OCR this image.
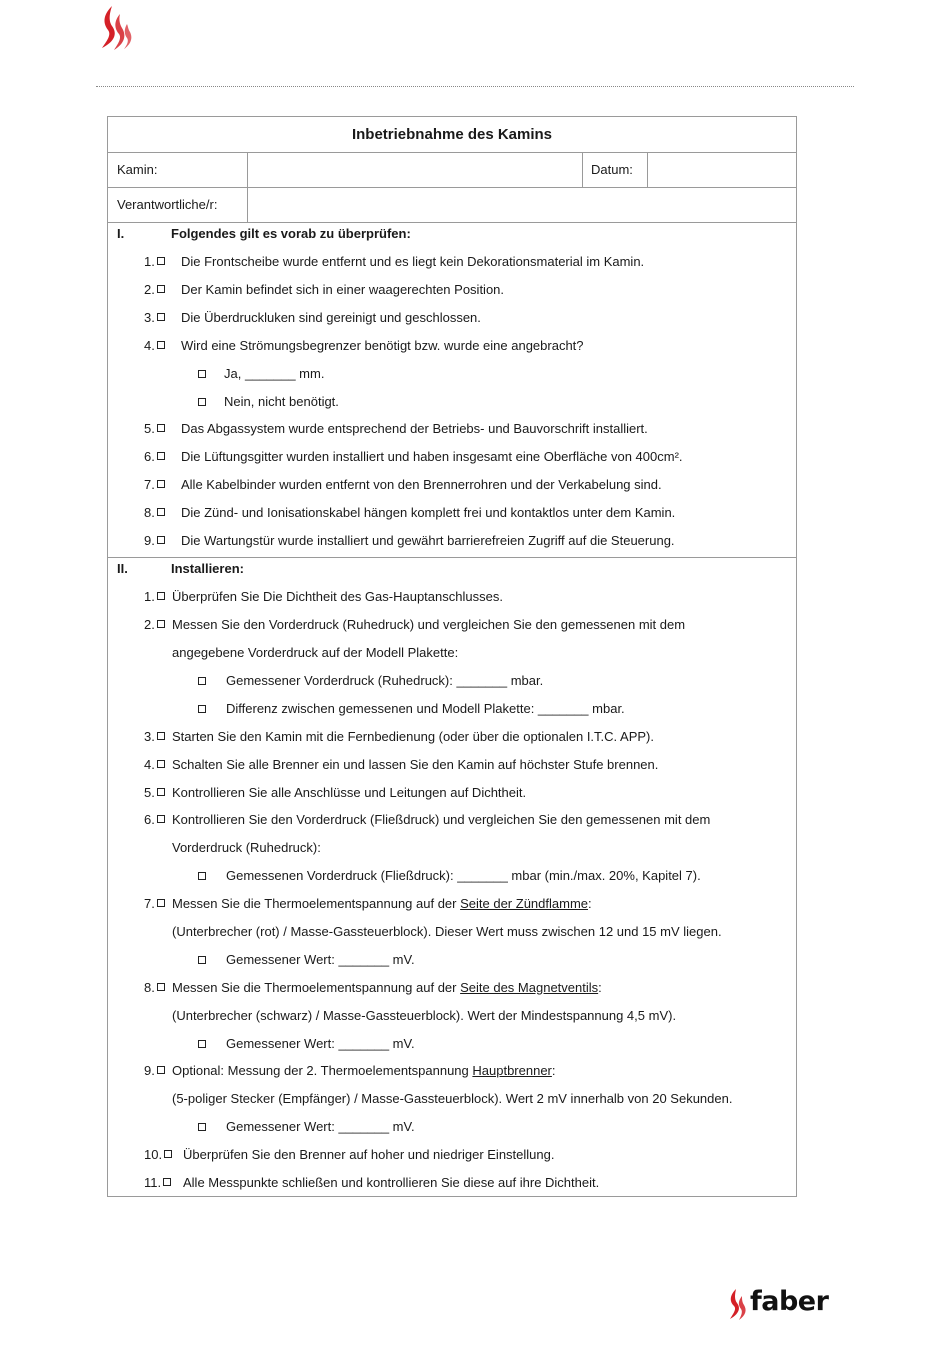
Inbetriebnahme des Kamins
Kamin:	Datum:
Verantwortliche/r:
I.	Folgendes gilt es vorab zu überprüfen:
1.	Die Frontscheibe wurde entfernt und es liegt kein Dekorationsmaterial im Kamin.
2.	Der Kamin befindet sich in einer waagerechten Position.
3.	Die Überdruckluken sind gereinigt und geschlossen.
4.	Wird eine Strömungsbegrenzer benötigt bzw. wurde eine angebracht?
Ja, _______ mm.
Nein, nicht benötigt.
5.	Das Abgassystem wurde entsprechend der Betriebs- und Bauvorschrift installiert.
6.	Die Lüftungsgitter wurden installiert und haben insgesamt eine Oberfläche von 400cm².
7.	Alle Kabelbinder wurden entfernt von den Brennerrohren und der Verkabelung sind.
8.	Die Zünd- und Ionisationskabel hängen komplett frei und kontaktlos unter dem Kamin.
9.	Die Wartungstür wurde installiert und gewährt barrierefreien Zugriff auf die Steuerung.
II.	Installieren:
1.	Überprüfen Sie Die Dichtheit des Gas-Hauptanschlusses.
2.	Messen Sie den Vorderdruck (Ruhedruck) und vergleichen Sie den gemessenen mit dem
angegebene Vorderdruck auf der Modell Plakette:
Gemessener Vorderdruck (Ruhedruck): _______ mbar.
Differenz zwischen gemessenen und Modell Plakette: _______ mbar.
3.	Starten Sie den Kamin mit die Fernbedienung (oder über die optionalen I.T.C. APP).
4.	Schalten Sie alle Brenner ein und lassen Sie den Kamin auf höchster Stufe brennen.
5.	Kontrollieren Sie alle Anschlüsse und Leitungen auf Dichtheit.
6.	Kontrollieren Sie den Vorderdruck (Fließdruck) und vergleichen Sie den gemessenen mit dem
Vorderdruck (Ruhedruck):
Gemessenen Vorderdruck (Fließdruck): _______ mbar (min./max. 20%, Kapitel 7).
7.	Messen Sie die Thermoelementspannung auf der Seite der Zündflamme:
(Unterbrecher (rot) / Masse-Gassteuerblock). Dieser Wert muss zwischen 12 und 15 mV liegen.
Gemessener Wert: _______ mV.
8.	Messen Sie die Thermoelementspannung auf der Seite des Magnetventils:
(Unterbrecher (schwarz) / Masse-Gassteuerblock). Wert der Mindestspannung 4,5 mV).
Gemessener Wert: _______ mV.
9.	Optional: Messung der 2. Thermoelementspannung Hauptbrenner:
(5-poliger Stecker (Empfänger) / Masse-Gassteuerblock). Wert 2 mV innerhalb von 20 Sekunden.
Gemessener Wert: _______ mV.
10.	Überprüfen Sie den Brenner auf hoher und niedriger Einstellung.
11.	Alle Messpunkte schließen und kontrollieren Sie diese auf ihre Dichtheit.
faber
